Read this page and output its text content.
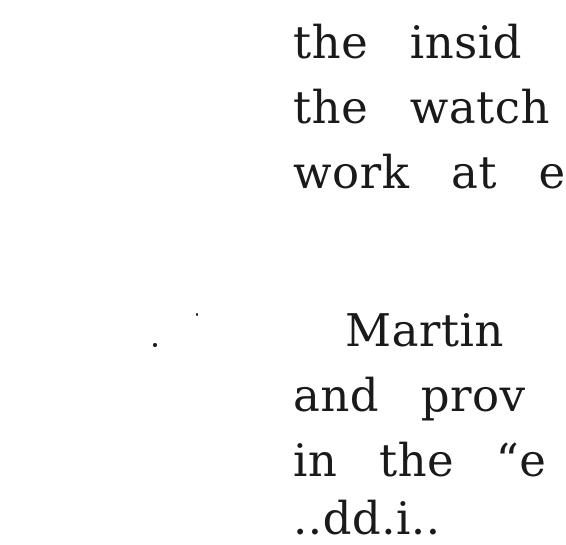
the  insid
the  watch
work  at  e
Martin
and  prov
in  the  “e
..dd.i..
